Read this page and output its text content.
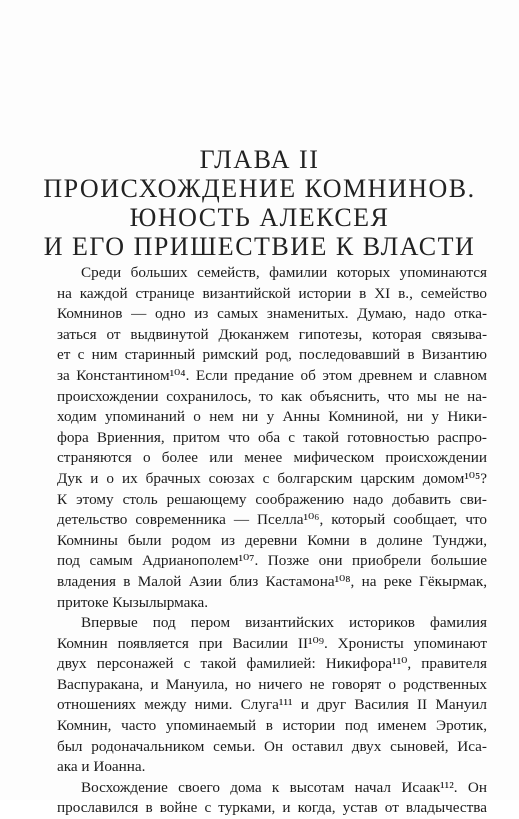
ГЛАВА II
ПРОИСХОЖДЕНИЕ КОМНИНОВ.
ЮНОСТЬ АЛЕКСЕЯ
И ЕГО ПРИШЕСТВИЕ К ВЛАСТИ
Среди больших семейств, фамилии которых упоминаются
на каждой странице византийской истории в XI в., семейство
Комнинов — одно из самых знаменитых. Думаю, надо отка-
заться от выдвинутой Дюканжем гипотезы, которая связыва-
ет с ним старинный римский род, последовавший в Византию
за Константином¹⁰⁴. Если предание об этом древнем и славном
происхождении сохранилось, то как объяснить, что мы не на-
ходим упоминаний о нем ни у Анны Комниной, ни у Ники-
фора Вриенния, притом что оба с такой готовностью распро-
страняются о более или менее мифическом происхождении
Дук и о их брачных союзах с болгарским царским домом¹⁰⁵?
К этому столь решающему соображению надо добавить сви-
детельство современника — Пселла¹⁰⁶, который сообщает, что
Комнины были родом из деревни Комни в долине Тунджи,
под самым Адрианополем¹⁰⁷. Позже они приобрели большие
владения в Малой Азии близ Кастамона¹⁰⁸, на реке Гёкырмак,
притоке Кызылырмака.
Впервые под пером византийских историков фамилия
Комнин появляется при Василии II¹⁰⁹. Хронисты упоминают
двух персонажей с такой фамилией: Никифора¹¹⁰, правителя
Васпуракана, и Мануила, но ничего не говорят о родственных
отношениях между ними. Слуга¹¹¹ и друг Василия II Мануил
Комнин, часто упоминаемый в истории под именем Эротик,
был родоначальником семьи. Он оставил двух сыновей, Иса-
ака и Иоанна.
Восхождение своего дома к высотам начал Исаак¹¹². Он
прославился в войне с турками, и когда, устав от владычества
